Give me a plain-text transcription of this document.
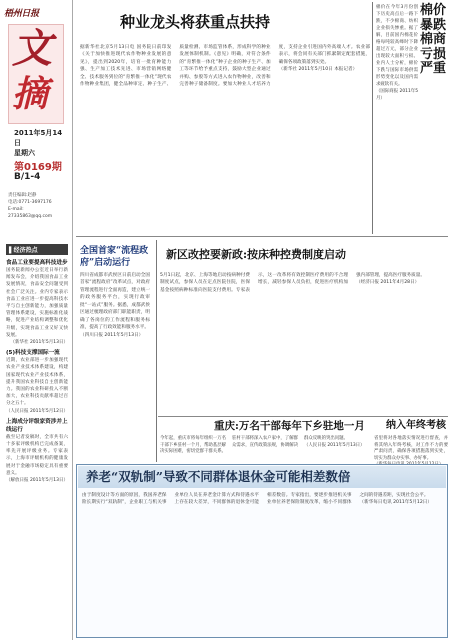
梧州日报
文
摘
2011年5月14日
星期六
第0169期
B/1-4
责任编辑:赵静
电话:0771-3697176
E-mail: 27335863@qq.com
▌经济热点
食品工业要提高科技进步
国务院新闻办公室近日举行新闻发布会，介绍我国食品工业发展情况，食品安全问题受到社会广泛关注。业内专家表示食品工业应进一步提高科技水平与自主创新能力，加强质量管理体系建设，实施标准化战略，促进产业结构调整和优化升级，实现食品工业又好又快发展。
（新华社 2011年5月13日）
(5)科技支撑国际一流
近期，农业部进一步加强现代农业产业技术体系建设，构建国家现代农业产业技术体系，提升我国农业科技自主创新能力。我国的农业科研投入不断加大，农业科技贡献率超过百分之五十。
（人民日报 2011年5月12日）
上海成分评级家资涉并上线运行
截至记者发稿时，全市共有六十多家评级机构已完成备案，率先开展评级业务。专家表示，上海市评级机构的健康发展对于金融市场稳定具有重要意义。
（解放日报 2011年5月13日）
种业龙头将获重点扶持
据新华社北京5月13日电 国务院日前印发《关于加快推进现代农作物种业发展的意见》，提出到2020年，培育一批育种能力强、生产加工技术先进、市场营销网络健全、技术服务到位的“育繁推一体化”现代农作物种业集团，健全品种审定、种子生产、质量检测、市场监管体系，形成科学的种业发展体制机制。《意见》明确，对符合条件的“育繁推一体化”种子企业的种子生产、加工等环节给予重点支持，鼓励大型企业通过并购、参股等方式进入农作物种业，改善和完善种子储备制度。要加大种业人才培养力度，支持企业引进国内外高端人才。农业部表示，将会同有关部门抓紧制定配套措施，确保各项政策落到实处。
（新华社 2011年5月10日 本报记者）
棉价在今年3月份创下历史高点后一路下跌，不少棉商、纺织企业损失惨重。据了解，目前国内棉花价格每吨较高峰时下降超过万元，部分企业出现较大面积亏损。业内人士分析，棉价下跌与国际市场供需形势变化以及国内需求疲软有关。
（国际商报 2011年5月）
棉价暴跌棉商亏损严重
全国首家“流程政府”启动运行
四川省成都市武侯区日前启动全国首家“流程政府”改革试点，对政府管理流程进行全面再造，建立统一的政务服务平台，实现行政审批“一站式”服务。据悉，成都武侯区通过梳理政府部门职能职责，明确了各岗位的工作流程和服务标准，提高了行政效能和服务水平。
（四川日报 2011年5月13日）
新区改控要新政:按床种控费制度启动
5月1日起，北京、上海等地启动按病种付费制度试点，参保人员在定点医院住院，医保基金按照病种标准向医院支付费用。专家表示，这一改革将有效控制医疗费用的不合理增长，减轻参保人员负担，促进医疗机构加强内部管理，提高医疗服务质量。
（经济日报 2011年4月28日）
重庆:万名干部每年下乡驻地一月
今年起，重庆市将每年组织一万名干部下乡驻村一个月，帮助基层解决实际困难，密切党群干群关系。驻村干部将深入农户家中，了解群众需求，宣传政策法规，协调解决群众反映的突出问题。
（人民日报 2011年5月13日）
纳入年终考核
省里将对各地落实情况进行督查，并将其纳入年终考核，对工作不力的要严肃问责，确保各项措施落到实处，切实为群众办实事、办好事。

养老“双轨制”导致不同群体退休金可能相差数倍
由于制度设计等方面的原因，我国养老保险长期实行“双轨制”，企业职工与机关事业单位人员在养老金计算方式和待遇水平上存在较大差异，不同群体的退休金可能相差数倍。专家指出，要逐步推进机关事业单位养老保险制度改革，缩小不同群体之间的待遇差距，实现社会公平。
（新华每日电讯 2011年5月12日）
